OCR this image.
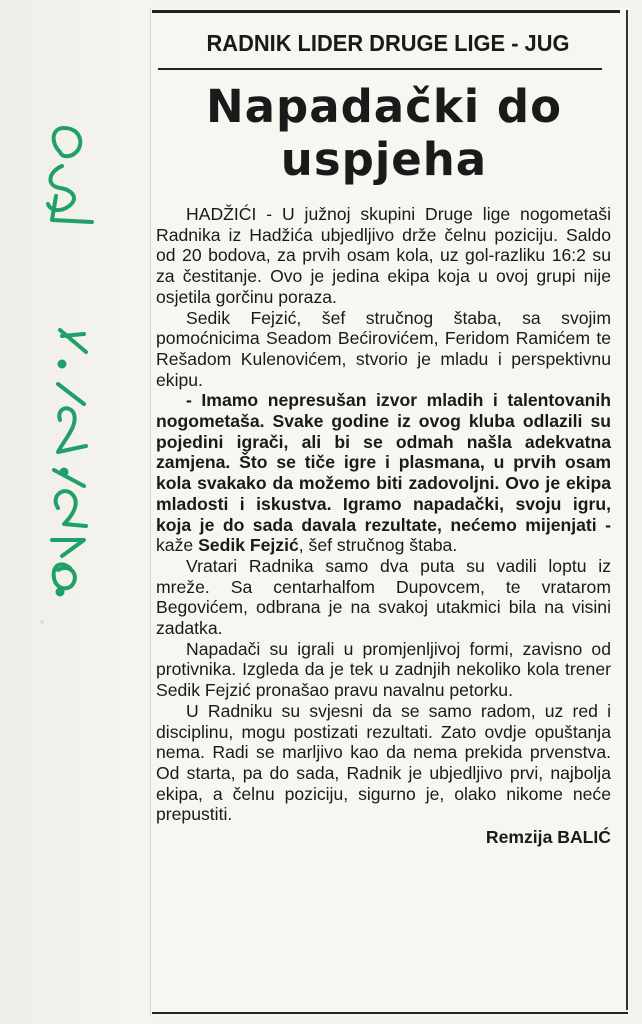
RADNIK LIDER DRUGE LIGE - JUG
Napadački do
uspjeha

HADŽIĆI - U južnoj skupini Druge lige nogometaši Radnika iz Hadžića ubjedljivo drže čelnu poziciju. Saldo od 20 bodova, za prvih osam kola, uz gol-razliku 16:2 su za čestitanje. Ovo je jedina ekipa koja u ovoj grupi nije osjetila gorčinu poraza.

Sedik Fejzić, šef stručnog štaba, sa svojim pomoćnicima Seadom Bećirovićem, Feridom Ramićem te Rešadom Kulenovićem, stvorio je mladu i perspektivnu ekipu.

- Imamo nepresušan izvor mladih i talentovanih nogometaša. Svake godine iz ovog kluba odlazili su pojedini igrači, ali bi se odmah našla adekvatna zamjena. Što se tiče igre i plasmana, u prvih osam kola svakako da možemo biti zadovoljni. Ovo je ekipa mladosti i iskustva. Igramo napadački, svoju igru, koja je do sada davala rezultate, nećemo mijenjati - kaže Sedik Fejzić, šef stručnog štaba.

Vratari Radnika samo dva puta su vadili loptu iz mreže. Sa centarhalfom Dupovcem, te vratarom Begovićem, odbrana je na svakoj utakmici bila na visini zadatka.

Napadači su igrali u promjenljivoj formi, zavisno od protivnika. Izgleda da je tek u zadnjih nekoliko kola trener Sedik Fejzić pronašao pravu navalnu petorku.

U Radniku su svjesni da se samo radom, uz red i disciplinu, mogu postizati rezultati. Zato ovdje opuštanja nema. Radi se marljivo kao da nema prekida prvenstva. Od starta, pa do sada, Radnik je ubjedljivo prvi, najbolja ekipa, a čelnu poziciju, sigurno je, olako nikome neće prepustiti.

Remzija BALIĆ
